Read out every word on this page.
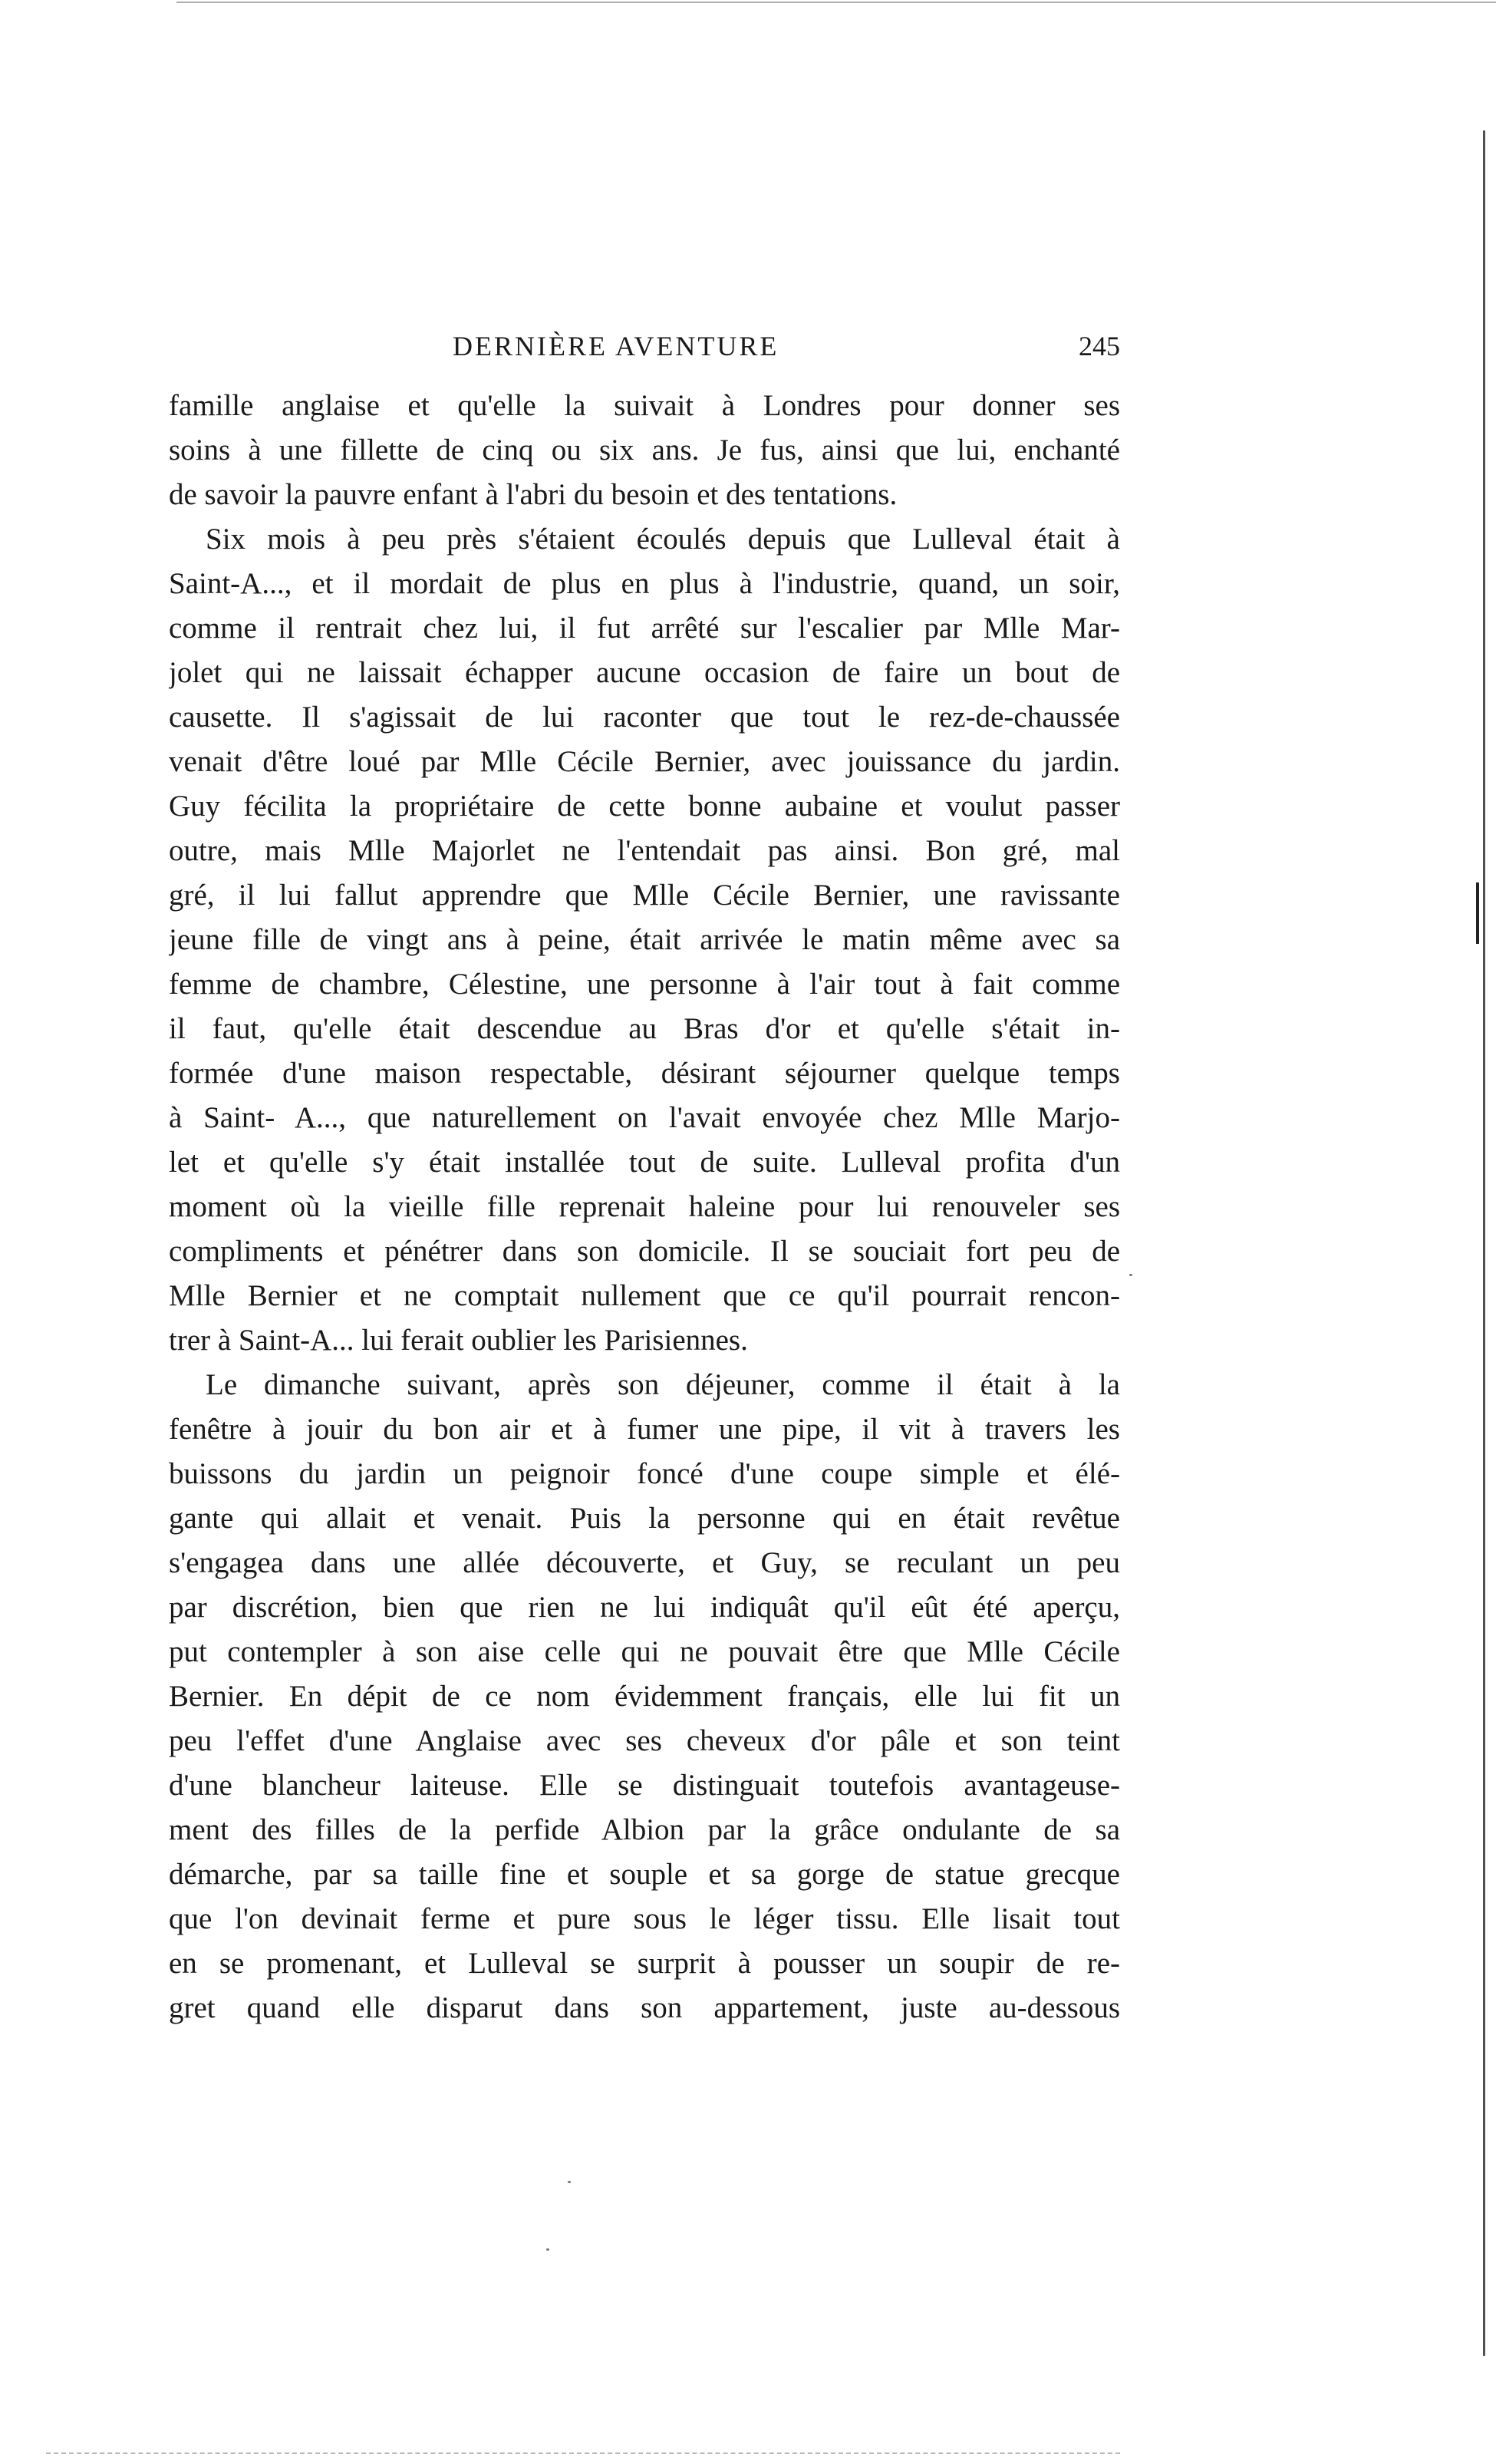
DERNIÈRE AVENTURE	245
famille anglaise et qu'elle la suivait à Londres pour donner ses
soins à une fillette de cinq ou six ans. Je fus, ainsi que lui, enchanté
de savoir la pauvre enfant à l'abri du besoin et des tentations.
Six mois à peu près s'étaient écoulés depuis que Lulleval était à
Saint-A..., et il mordait de plus en plus à l'industrie, quand, un soir,
comme il rentrait chez lui, il fut arrêté sur l'escalier par Mlle Mar-
jolet qui ne laissait échapper aucune occasion de faire un bout de
causette. Il s'agissait de lui raconter que tout le rez-de-chaussée
venait d'être loué par Mlle Cécile Bernier, avec jouissance du jardin.
Guy fécilita la propriétaire de cette bonne aubaine et voulut passer
outre, mais Mlle Majorlet ne l'entendait pas ainsi. Bon gré, mal
gré, il lui fallut apprendre que Mlle Cécile Bernier, une ravissante
jeune fille de vingt ans à peine, était arrivée le matin même avec sa
femme de chambre, Célestine, une personne à l'air tout à fait comme
il faut, qu'elle était descendue au Bras d'or et qu'elle s'était in-
formée d'une maison respectable, désirant séjourner quelque temps
à Saint- A..., que naturellement on l'avait envoyée chez Mlle Marjo-
let et qu'elle s'y était installée tout de suite. Lulleval profita d'un
moment où la vieille fille reprenait haleine pour lui renouveler ses
compliments et pénétrer dans son domicile. Il se souciait fort peu de
Mlle Bernier et ne comptait nullement que ce qu'il pourrait rencon-
trer à Saint-A... lui ferait oublier les Parisiennes.
Le dimanche suivant, après son déjeuner, comme il était à la
fenêtre à jouir du bon air et à fumer une pipe, il vit à travers les
buissons du jardin un peignoir foncé d'une coupe simple et élé-
gante qui allait et venait. Puis la personne qui en était revêtue
s'engagea dans une allée découverte, et Guy, se reculant un peu
par discrétion, bien que rien ne lui indiquât qu'il eût été aperçu,
put contempler à son aise celle qui ne pouvait être que Mlle Cécile
Bernier. En dépit de ce nom évidemment français, elle lui fit un
peu l'effet d'une Anglaise avec ses cheveux d'or pâle et son teint
d'une blancheur laiteuse. Elle se distinguait toutefois avantageuse-
ment des filles de la perfide Albion par la grâce ondulante de sa
démarche, par sa taille fine et souple et sa gorge de statue grecque
que l'on devinait ferme et pure sous le léger tissu. Elle lisait tout
en se promenant, et Lulleval se surprit à pousser un soupir de re-
gret quand elle disparut dans son appartement, juste au-dessous
